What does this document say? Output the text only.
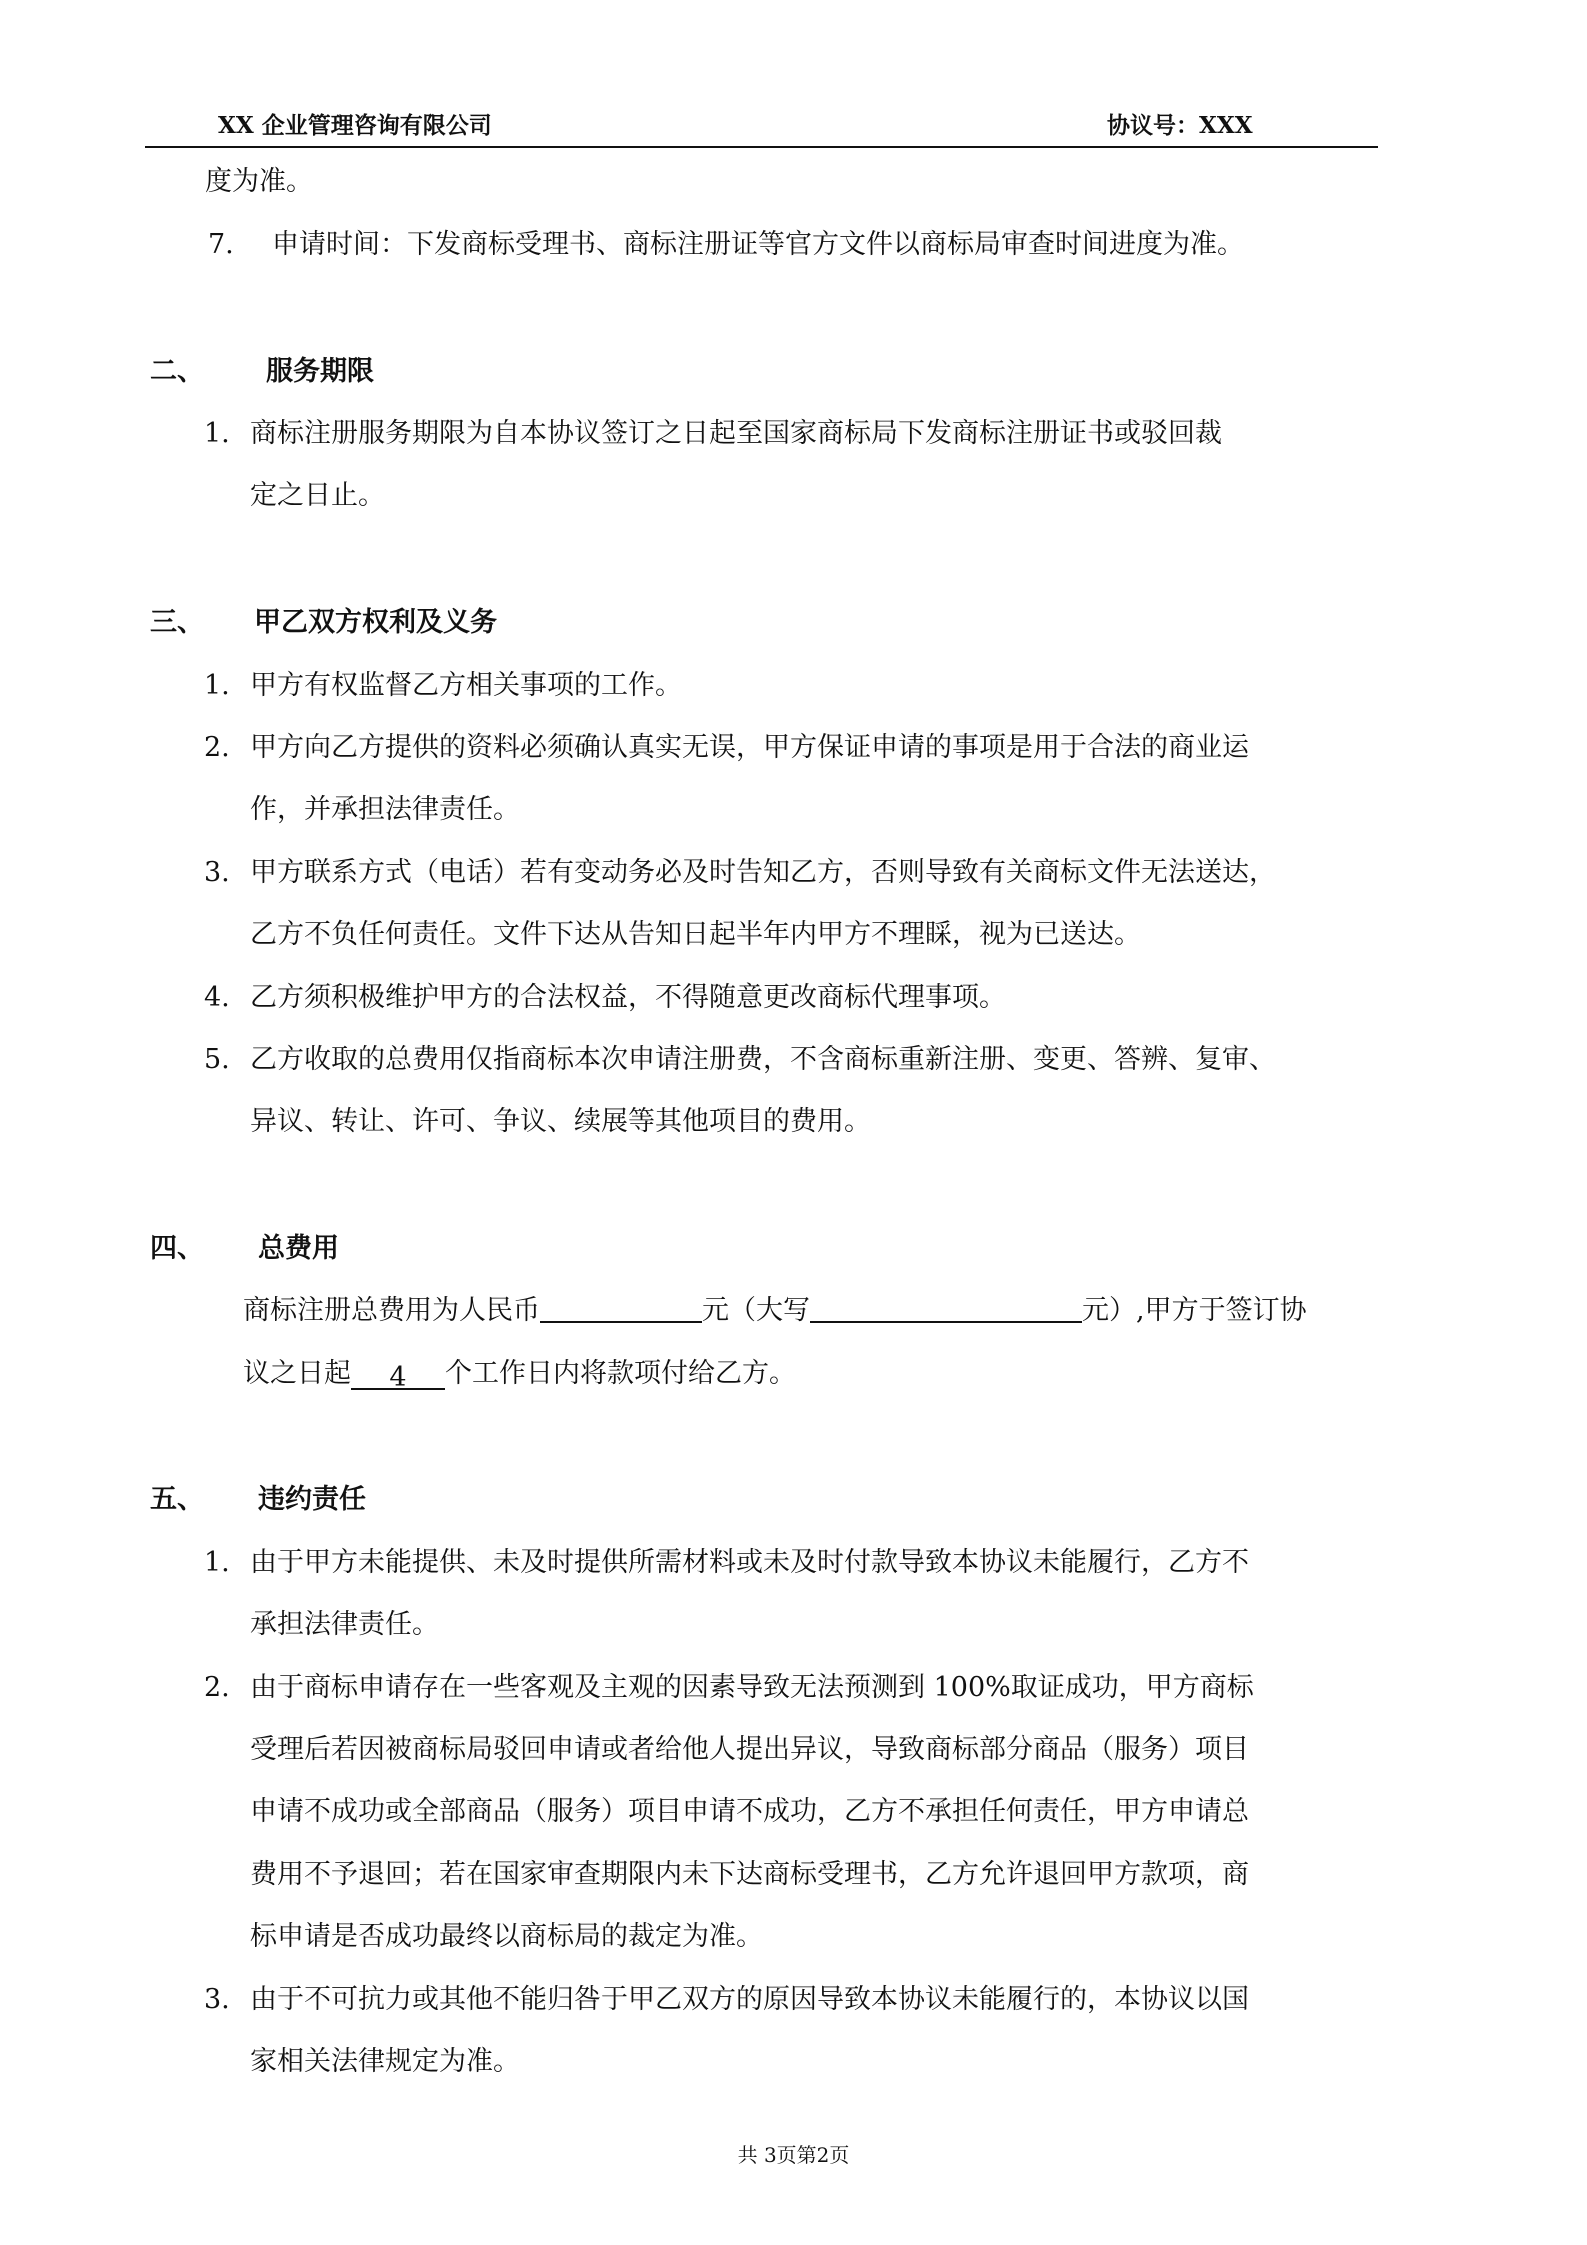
XX 企业管理咨询有限公司	协议号：XXX
度为准。
7. 申请时间：下发商标受理书、商标注册证等官方文件以商标局审查时间进度为准。
二、 服务期限
1. 商标注册服务期限为自本协议签订之日起至国家商标局下发商标注册证书或驳回裁
定之日止。
三、 甲乙双方权利及义务
1. 甲方有权监督乙方相关事项的工作。
2. 甲方向乙方提供的资料必须确认真实无误，甲方保证申请的事项是用于合法的商业运
作，并承担法律责任。
3. 甲方联系方式（电话）若有变动务必及时告知乙方，否则导致有关商标文件无法送达，
乙方不负任何责任。文件下达从告知日起半年内甲方不理睬，视为已送达。
4. 乙方须积极维护甲方的合法权益，不得随意更改商标代理事项。
5. 乙方收取的总费用仅指商标本次申请注册费，不含商标重新注册、变更、答辨、复审、
异议、转让、许可、争议、续展等其他项目的费用。
四、 总费用
商标注册总费用为人民币	元（大写	元）,甲方于签订协
议之日起 4 个工作日内将款项付给乙方。
五、 违约责任
1. 由于甲方未能提供、未及时提供所需材料或未及时付款导致本协议未能履行，乙方不
承担法律责任。
2. 由于商标申请存在一些客观及主观的因素导致无法预测到 100%取证成功，甲方商标
受理后若因被商标局驳回申请或者给他人提出异议，导致商标部分商品（服务）项目
申请不成功或全部商品（服务）项目申请不成功，乙方不承担任何责任，甲方申请总
费用不予退回；若在国家审查期限内未下达商标受理书，乙方允许退回甲方款项，商
标申请是否成功最终以商标局的裁定为准。
3. 由于不可抗力或其他不能归咎于甲乙双方的原因导致本协议未能履行的，本协议以国
家相关法律规定为准。
共 3页第2页
